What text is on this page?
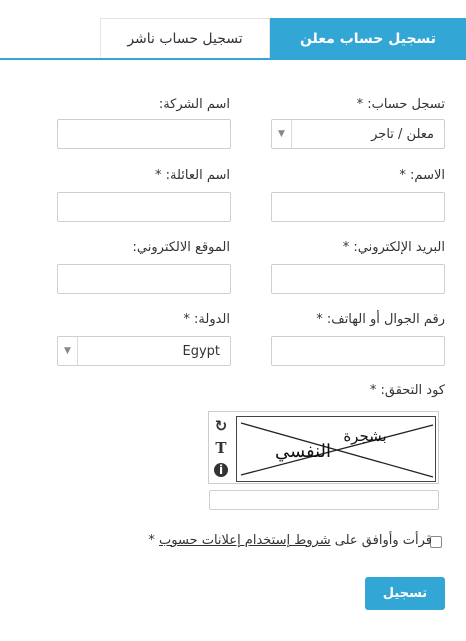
تسجيل حساب معلن
تسجيل حساب ناشر
تسجل حساب: *
▼	معلن / تاجر
اسم الشركة:
الاسم: *
اسم العائلة: *
البريد الإلكتروني: *
الموقع الالكتروني:
رقم الجوال أو الهاتف: *
الدولة: *
▼	Egypt
كود التحقق: *
↻
T
i
النفسي
بشجرة
قرأت وأوافق على شروط إستخدام إعلانات حسوب *
تسجيل
